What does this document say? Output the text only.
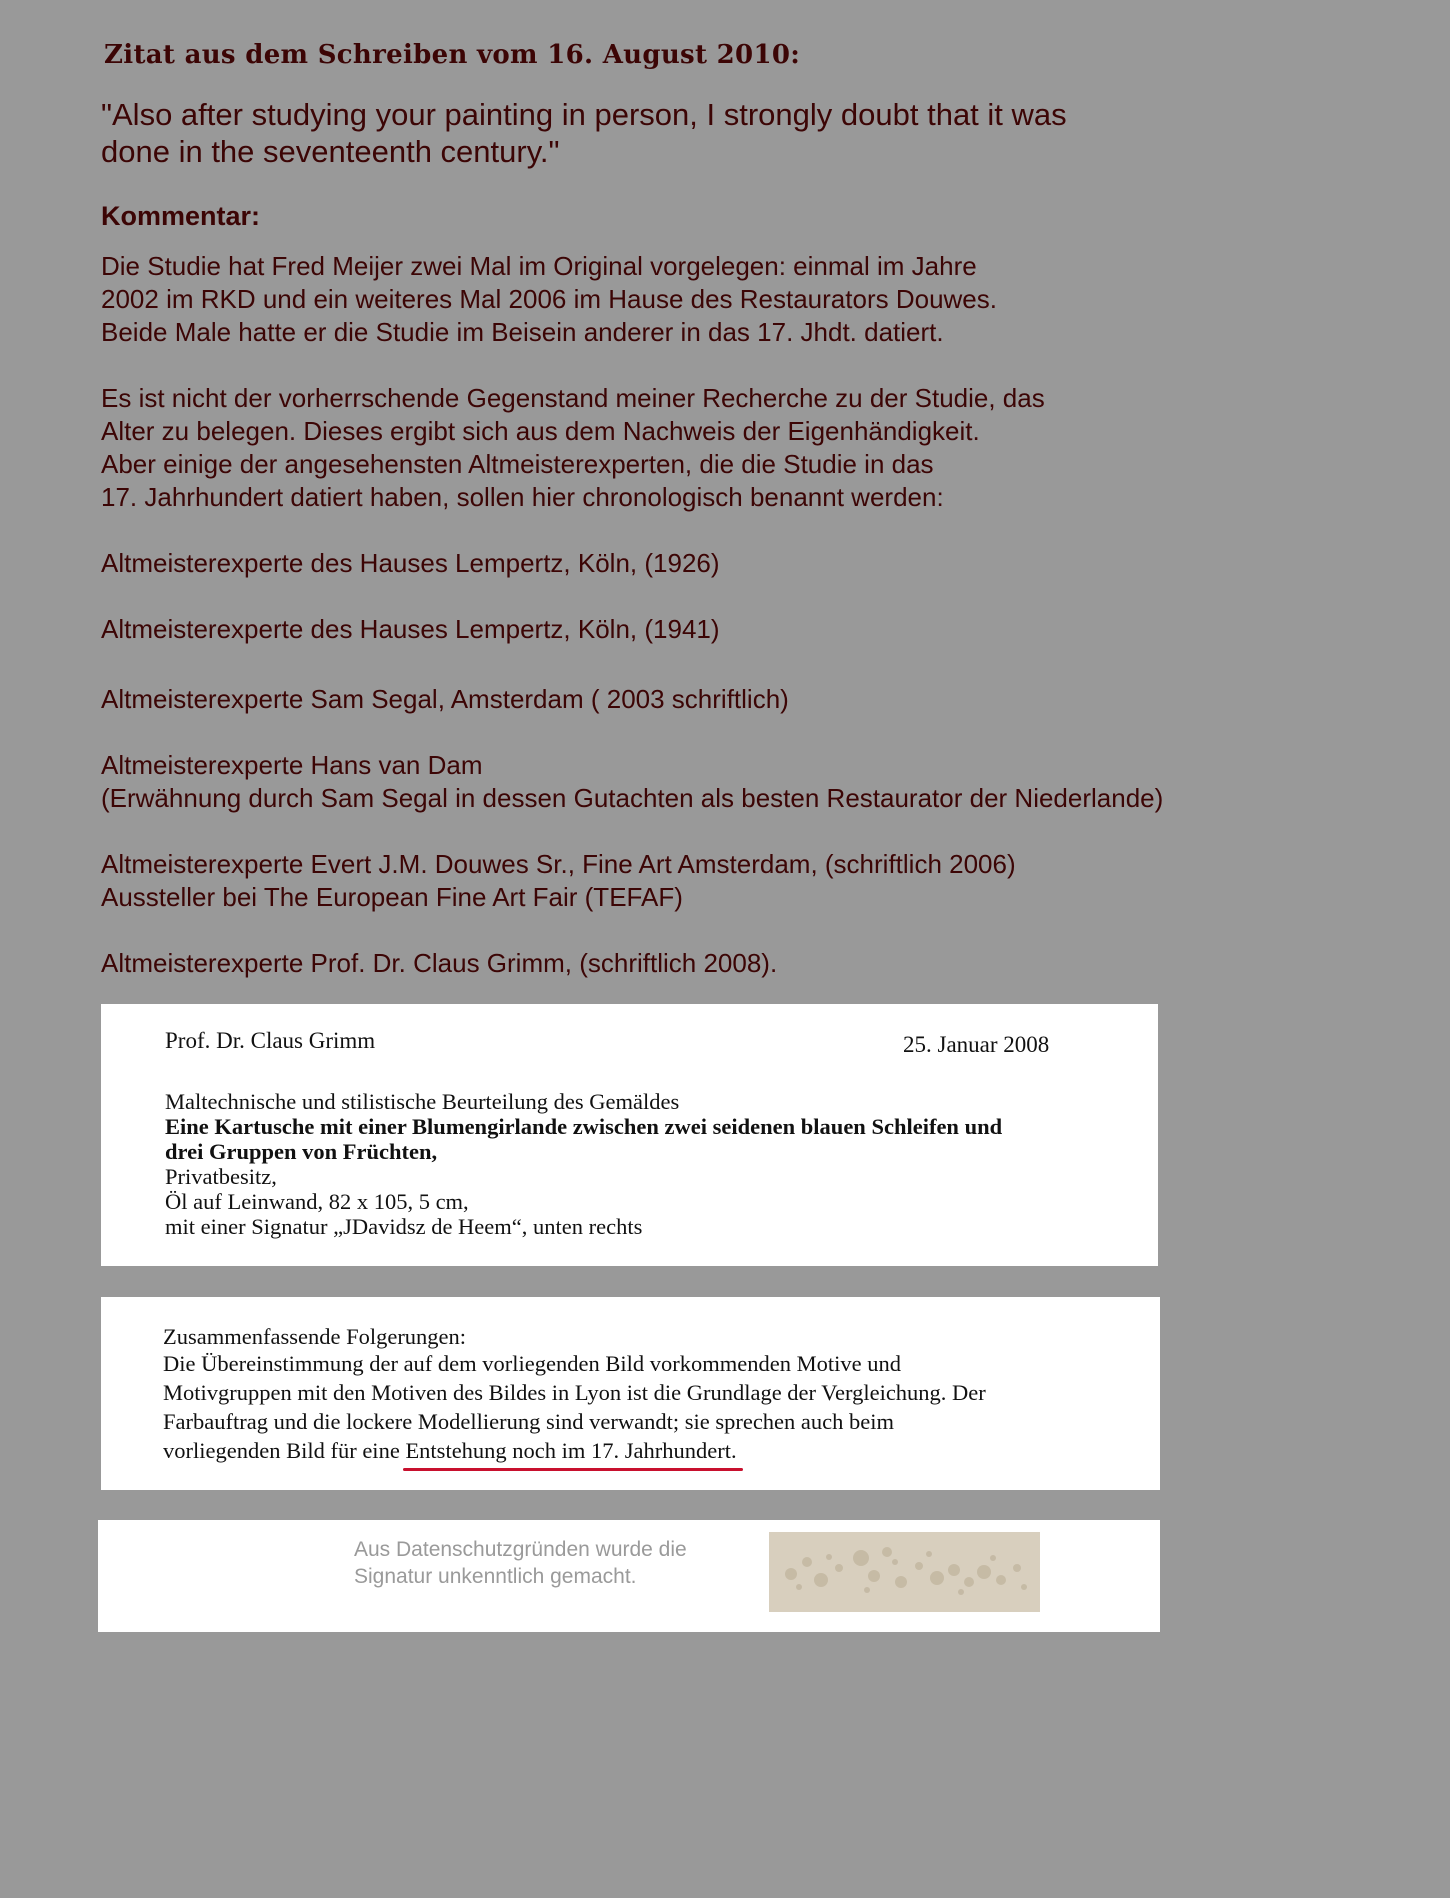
Zitat aus dem Schreiben vom 16. August 2010:
"Also after studying your painting in person, I strongly doubt that it was
done in the seventeenth century."
Kommentar:
Die Studie hat Fred Meijer zwei Mal im Original vorgelegen: einmal im Jahre
2002 im RKD und ein weiteres Mal 2006 im Hause des Restaurators Douwes.
Beide Male hatte er die Studie im Beisein anderer in das 17. Jhdt. datiert.
Es ist nicht der vorherrschende Gegenstand meiner Recherche zu der Studie, das
Alter zu belegen. Dieses ergibt sich aus dem Nachweis der Eigenhändigkeit.
Aber einige der angesehensten Altmeisterexperten, die die Studie in das
17. Jahrhundert datiert haben, sollen hier chronologisch benannt werden:
Altmeisterexperte des Hauses Lempertz, Köln, (1926)
Altmeisterexperte des Hauses Lempertz, Köln, (1941)
Altmeisterexperte Sam Segal, Amsterdam ( 2003 schriftlich)
Altmeisterexperte Hans van Dam
(Erwähnung durch Sam Segal in dessen Gutachten als besten Restaurator der Niederlande)
Altmeisterexperte Evert J.M. Douwes Sr., Fine Art Amsterdam, (schriftlich 2006)
Aussteller bei The European Fine Art Fair (TEFAF)
Altmeisterexperte Prof. Dr. Claus Grimm, (schriftlich 2008).
Prof. Dr. Claus Grimm	25. Januar 2008
Maltechnische und stilistische Beurteilung des Gemäldes
Eine Kartusche mit einer Blumengirlande zwischen zwei seidenen blauen Schleifen und
drei Gruppen von Früchten,
Privatbesitz,
Öl auf Leinwand, 82 x 105, 5 cm,
mit einer Signatur „JDavidsz de Heem“, unten rechts
Zusammenfassende Folgerungen:
Die Übereinstimmung der auf dem vorliegenden Bild vorkommenden Motive und
Motivgruppen mit den Motiven des Bildes in Lyon ist die Grundlage der Vergleichung. Der
Farbauftrag und die lockere Modellierung sind verwandt; sie sprechen auch beim
vorliegenden Bild für eine Entstehung noch im 17. Jahrhundert.
Aus Datenschutzgründen wurde die
Signatur unkenntlich gemacht.
